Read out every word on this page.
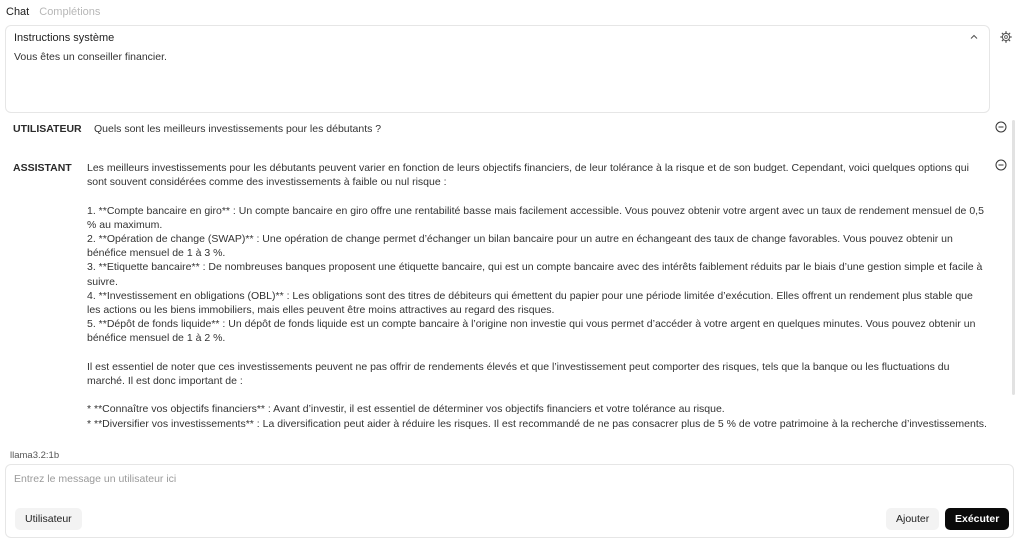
Chat Complétions
Instructions système
Vous êtes un conseiller financier.
UTILISATEUR Quels sont les meilleurs investissements pour les débutants ?
ASSISTANT Les meilleurs investissements pour les débutants peuvent varier en fonction de leurs objectifs financiers, de leur tolérance à la risque et de son budget. Cependant, voici quelques options qui sont souvent considérées comme des investissements à faible ou nul risque :

1. **Compte bancaire en giro** : Un compte bancaire en giro offre une rentabilité basse mais facilement accessible. Vous pouvez obtenir votre argent avec un taux de rendement mensuel de 0,5 % au maximum.

2. **Opération de change (SWAP)** : Une opération de change permet d’échanger un bilan bancaire pour un autre en échangeant des taux de change favorables. Vous pouvez obtenir un bénéfice mensuel de 1 à 3 %.

3. **Etiquette bancaire** : De nombreuses banques proposent une étiquette bancaire, qui est un compte bancaire avec des intérêts faiblement réduits par le biais d’une gestion simple et facile à suivre.

4. **Investissement en obligations (OBL)** : Les obligations sont des titres de débiteurs qui émettent du papier pour une période limitée d’exécution. Elles offrent un rendement plus stable que les actions ou les biens immobiliers, mais elles peuvent être moins attractives au regard des risques.

5. **Dépôt de fonds liquide** : Un dépôt de fonds liquide est un compte bancaire à l’origine non investie qui vous permet d’accéder à votre argent en quelques minutes. Vous pouvez obtenir un bénéfice mensuel de 1 à 2 %.

Il est essentiel de noter que ces investissements peuvent ne pas offrir de rendements élevés et que l’investissement peut comporter des risques, tels que la banque ou les fluctuations du marché. Il est donc important de :

* **Connaître vos objectifs financiers** : Avant d’investir, il est essentiel de déterminer vos objectifs financiers et votre tolérance au risque.

* **Diversifier vos investissements** : La diversification peut aider à réduire les risques. Il est recommandé de ne pas consacrer plus de 5 % de votre patrimoine à la recherche d’investissements.

llama3.2:1b
Entrez le message un utilisateur ici
Utilisateur	Ajouter	Exécuter
